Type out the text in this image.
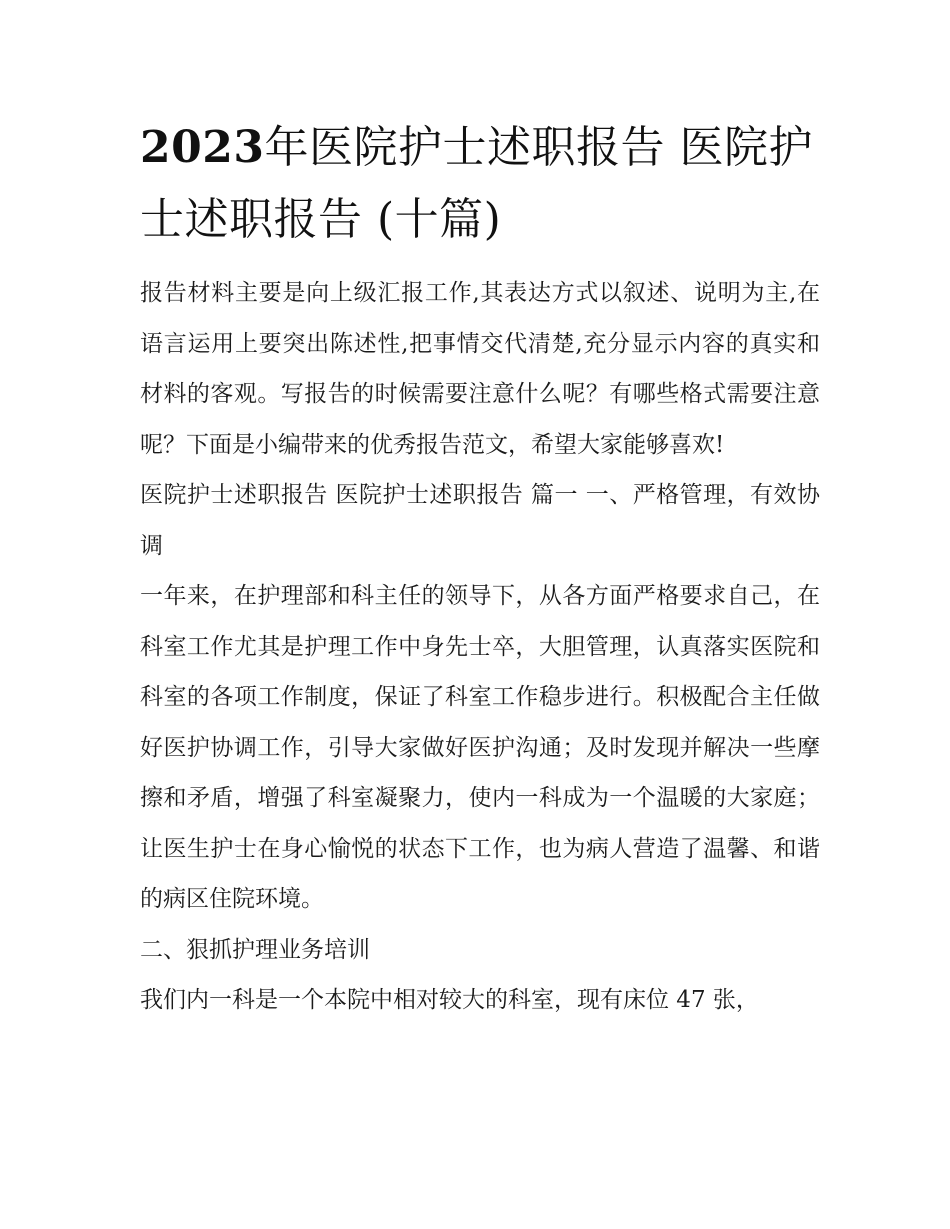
2023年医院护士述职报告 医院护士述职报告 (十篇)

报告材料主要是向上级汇报工作,其表达方式以叙述、说明为主,在语言运用上要突出陈述性,把事情交代清楚,充分显示内容的真实和材料的客观。写报告的时候需要注意什么呢？有哪些格式需要注意呢？下面是小编带来的优秀报告范文，希望大家能够喜欢!

医院护士述职报告 医院护士述职报告 篇一 一、严格管理，有效协调

一年来，在护理部和科主任的领导下，从各方面严格要求自己，在科室工作尤其是护理工作中身先士卒，大胆管理，认真落实医院和科室的各项工作制度，保证了科室工作稳步进行。积极配合主任做好医护协调工作，引导大家做好医护沟通；及时发现并解决一些摩擦和矛盾，增强了科室凝聚力，使内一科成为一个温暖的大家庭；让医生护士在身心愉悦的状态下工作，也为病人营造了温馨、和谐的病区住院环境。

二、狠抓护理业务培训

我们内一科是一个本院中相对较大的科室，现有床位 47 张，
